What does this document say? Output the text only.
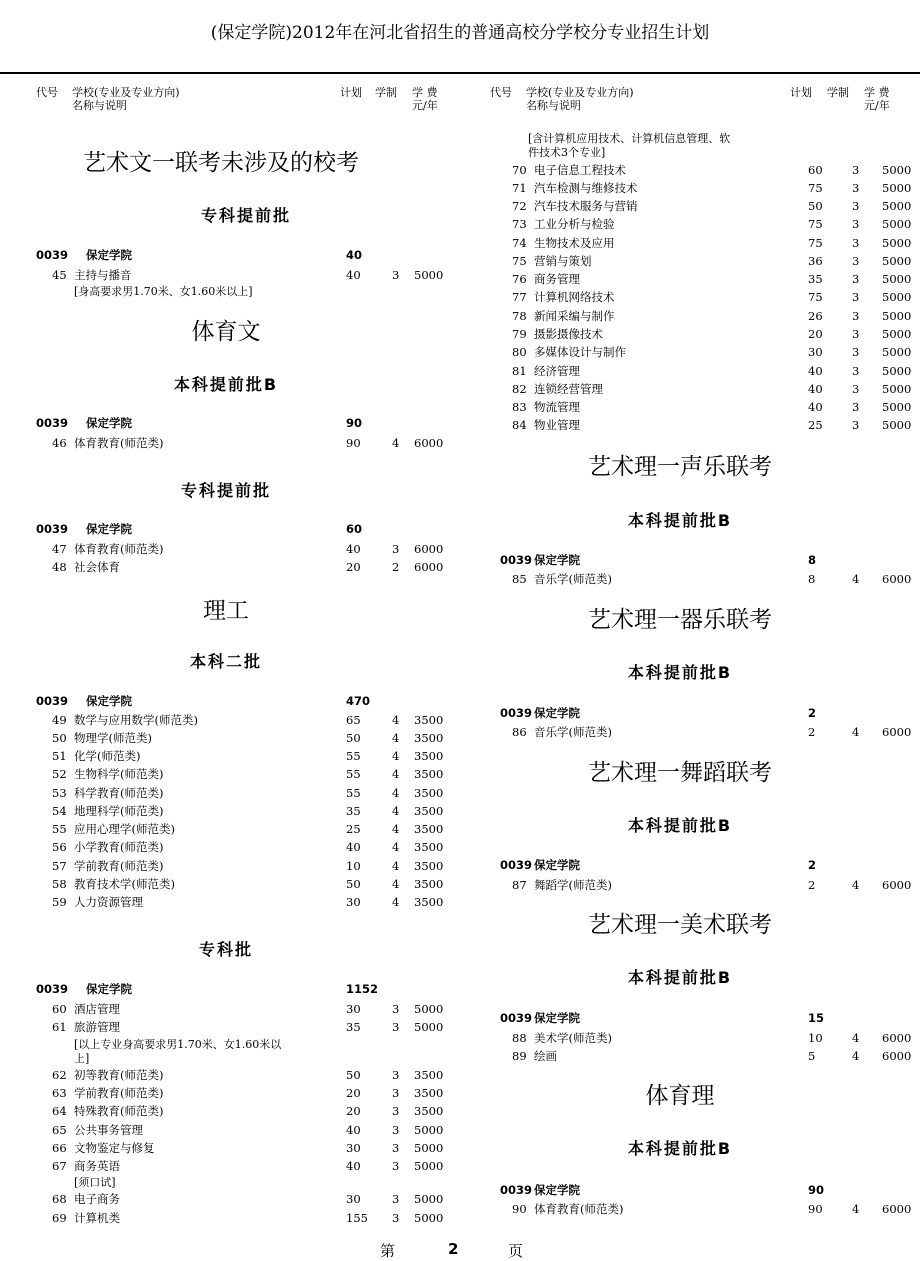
(保定学院)2012年在河北省招生的普通高校分学校分专业招生计划
代号 学校(专业及专业方向)
名称与说明
计划 学制 学 费
元/年
艺术文一联考未涉及的校考
专科提前批
0039 保定学院	40
45 主持与播音	40	3 5000
[身高要求男1.70米、女1.60米以上]
体育文
本科提前批B
0039 保定学院	90
46 体育教育(师范类)	90	4 6000
专科提前批
0039 保定学院	60
47 体育教育(师范类)	40	3 6000
48 社会体育	20	2 6000
理工
本科二批
0039 保定学院	470
49 数学与应用数学(师范类)	65	4 3500
50 物理学(师范类)	50	4 3500
51 化学(师范类)	55	4 3500
52 生物科学(师范类)	55	4 3500
53 科学教育(师范类)	55	4 3500
54 地理科学(师范类)	35	4 3500
55 应用心理学(师范类)	25	4 3500
56 小学教育(师范类)	40	4 3500
57 学前教育(师范类)	10	4 3500
58 教育技术学(师范类)	50	4 3500
59 人力资源管理	30	4 3500
专科批
0039 保定学院	1152
60 酒店管理	30	3 5000
61 旅游管理	35	3 5000
[以上专业身高要求男1.70米、女1.60米以
上]
62 初等教育(师范类)	50	3 3500
63 学前教育(师范类)	20	3 3500
64 特殊教育(师范类)	20	3 3500
65 公共事务管理	40	3 5000
66 文物鉴定与修复	30	3 5000
67 商务英语	40	3 5000
[须口试]
68 电子商务	30	3 5000
69 计算机类	155 3 5000
代号 学校(专业及专业方向)
名称与说明
计划 学制 学 费
元/年
[含计算机应用技术、计算机信息管理、软
件技术3个专业]
70 电子信息工程技术	60	3 5000
71 汽车检测与维修技术	75	3 5000
72 汽车技术服务与营销	50	3 5000
73 工业分析与检验	75	3 5000
74 生物技术及应用	75	3 5000
75 营销与策划	36	3 5000
76 商务管理	35	3 5000
77 计算机网络技术	75	3 5000
78 新闻采编与制作	26	3 5000
79 摄影摄像技术	20	3 5000
80 多媒体设计与制作	30	3 5000
81 经济管理	40	3 5000
82 连锁经营管理	40	3 5000
83 物流管理	40	3 5000
84 物业管理	25	3 5000
艺术理一声乐联考
本科提前批B
0039 保定学院	8
85 音乐学(师范类)	8	4 6000
艺术理一器乐联考
本科提前批B
0039 保定学院	2
86 音乐学(师范类)	2	4 6000
艺术理一舞蹈联考
本科提前批B
0039 保定学院	2
87 舞蹈学(师范类)	2	4 6000
艺术理一美术联考
本科提前批B
0039 保定学院	15
88 美术学(师范类)	10	4 6000
89 绘画	5	4 6000
体育理
本科提前批B
0039 保定学院	90
90 体育教育(师范类)	90	4 6000
第	2	页
